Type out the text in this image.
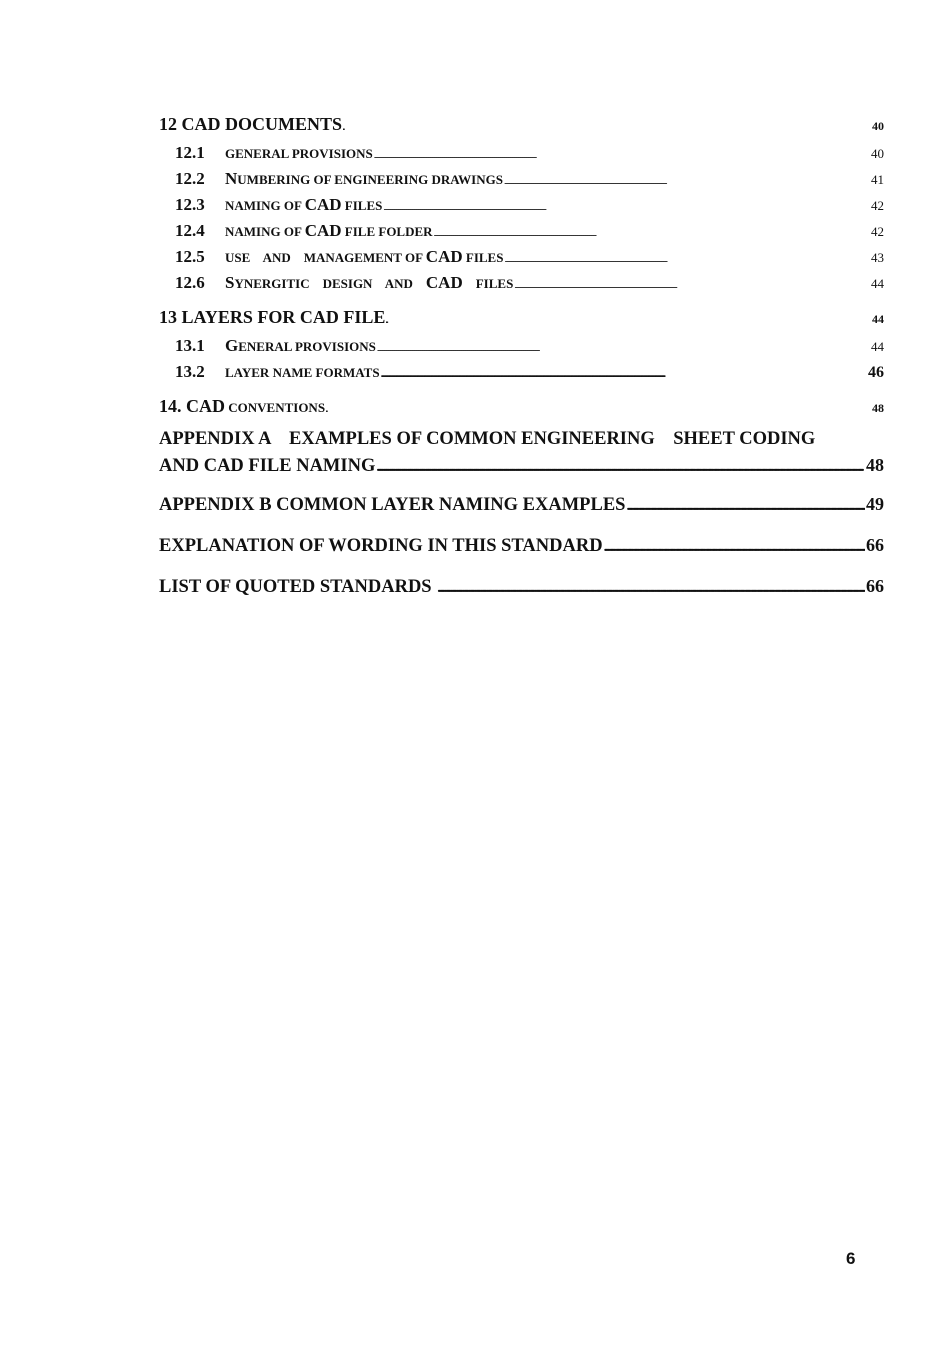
12 CAD DOCUMENTS . . .	40
12.1 GENERAL PROVISIONS . . .	40
12.2 NUMBERING OF ENGINEERING DRAWINGS . . .	41
12.3 NAMING OF CAD FILES . . .	42
12.4 NAMING OF CAD FILE FOLDER . . .	42
12.5 USE    AND    MANAGEMENT OF CAD FILES . . .	43
12.6 SYNERGITIC    DESIGN    AND    CAD    FILES . . .	44
13 LAYERS FOR CAD FILE . . .	44
13.1 GENERAL PROVISIONS . . .	44
13.2 LAYER NAME FORMATS . . .	46
14. CAD CONVENTIONS . . .	48
APPENDIX A    EXAMPLES OF COMMON ENGINEERING    SHEET CODING
AND CAD FILE NAMING . . .	48
APPENDIX B COMMON LAYER NAMING EXAMPLES . . .	49
EXPLANATION OF WORDING IN THIS STANDARD . . .	66
LIST OF QUOTED STANDARDS . . .	66
6
